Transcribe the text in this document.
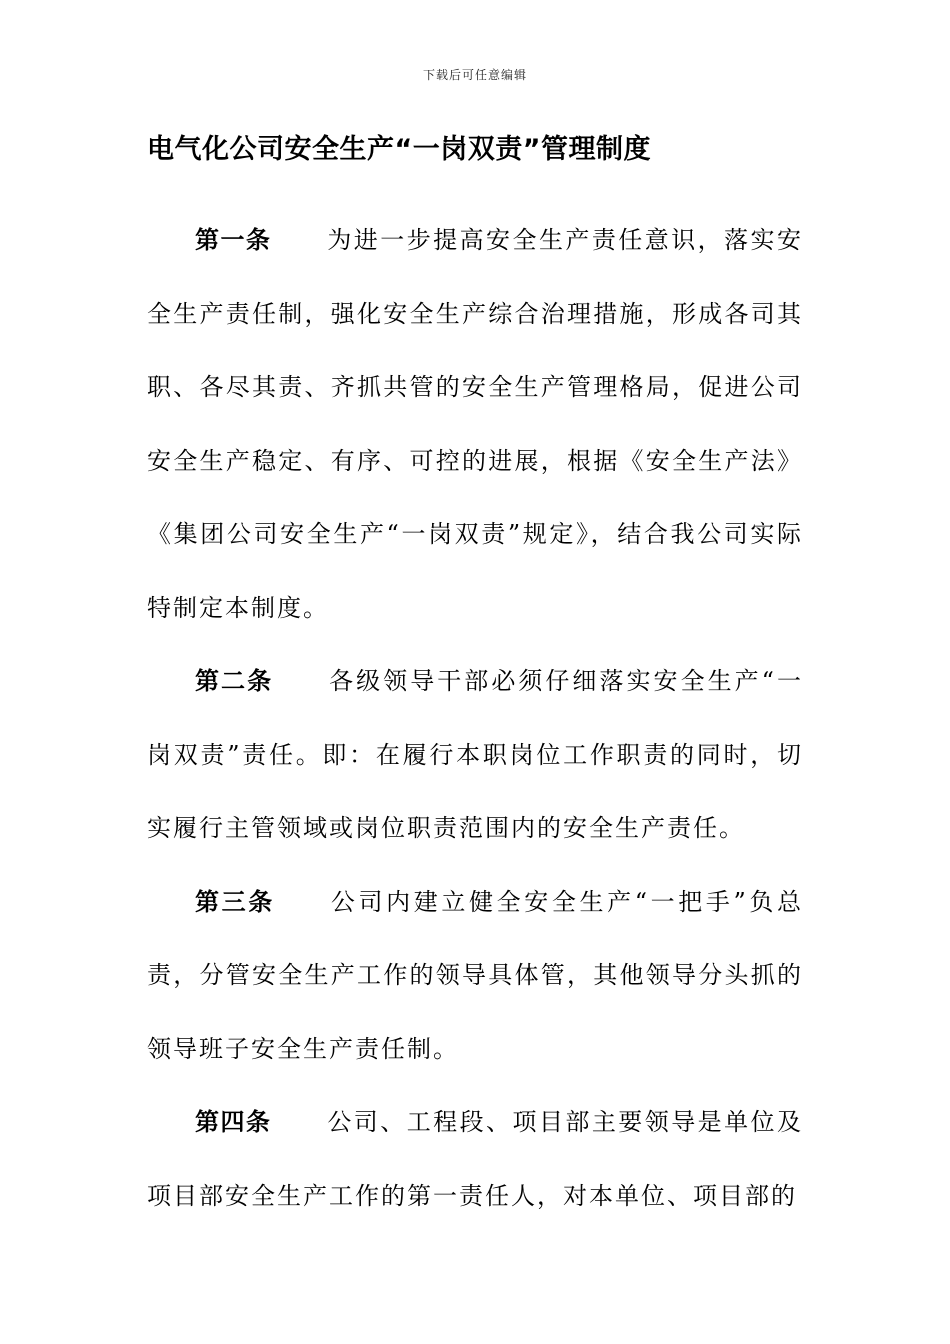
下载后可任意编辑
电气化公司安全生产“一岗双责”管理制度

第一条 为进一步提高安全生产责任意识，落实安全生产责任制，强化安全生产综合治理措施，形成各司其职、各尽其责、齐抓共管的安全生产管理格局，促进公司安全生产稳定、有序、可控的进展，根据《安全生产法》《集团公司安全生产“一岗双责”规定》，结合我公司实际特制定本制度。

第二条 各级领导干部必须仔细落实安全生产“一岗双责”责任。即：在履行本职岗位工作职责的同时，切实履行主管领域或岗位职责范围内的安全生产责任。

第三条 公司内建立健全安全生产“一把手”负总责，分管安全生产工作的领导具体管，其他领导分头抓的领导班子安全生产责任制。

第四条 公司、工程段、项目部主要领导是单位及项目部安全生产工作的第一责任人，对本单位、项目部的
